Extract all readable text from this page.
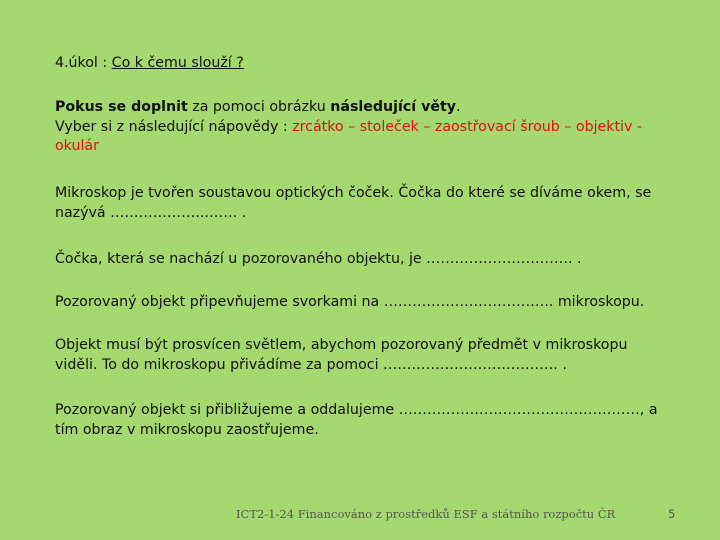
4.úkol : Co k čemu slouží ?
Pokus se doplnit za pomoci obrázku následující věty.
Vyber si z následující nápovědy : zrcátko – stoleček – zaostřovací šroub – objektiv - okulár
Mikroskop je tvořen soustavou optických čoček. Čočka do které se díváme okem, se nazývá ………………..……. .
Čočka, která se nachází u pozorovaného objektu, je …………………………. .
Pozorovaný objekt připevňujeme svorkami na ……………….…………….. mikroskopu.
Objekt musí být prosvícen světlem, abychom pozorovaný předmět v mikroskopu viděli. To do mikroskopu přivádíme za pomoci ………………………………. .
Pozorovaný objekt si přibližujeme a oddalujeme ……………………………………………, a tím obraz v mikroskopu zaostřujeme.
ICT2-1-24 Financováno z prostředků ESF a státního rozpočtu ČR	5
